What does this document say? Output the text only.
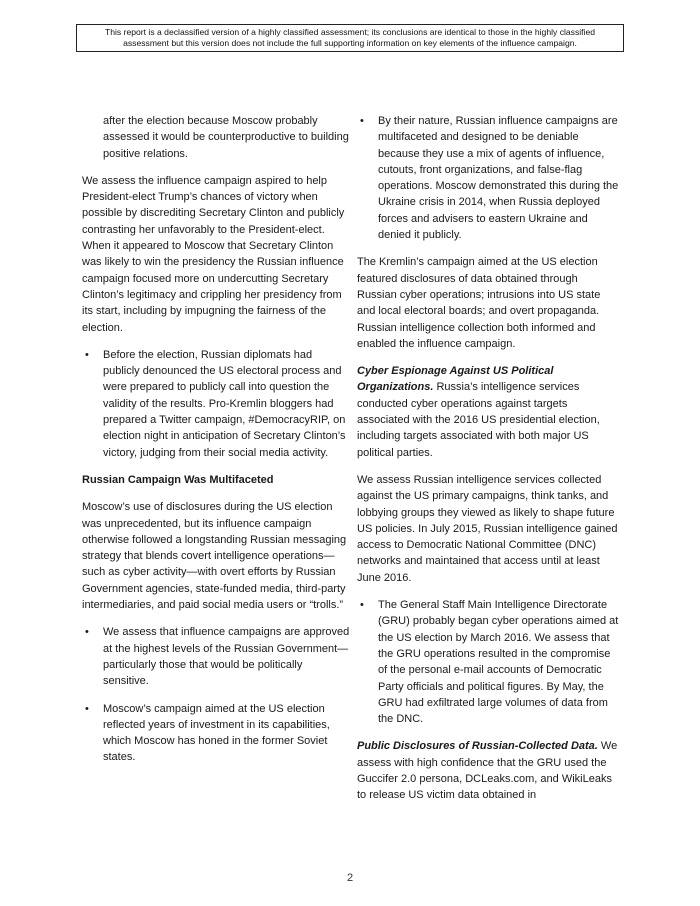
This report is a declassified version of a highly classified assessment; its conclusions are identical to those in the highly classified assessment but this version does not include the full supporting information on key elements of the influence campaign.

after the election because Moscow probably assessed it would be counterproductive to building positive relations.

We assess the influence campaign aspired to help President-elect Trump’s chances of victory when possible by discrediting Secretary Clinton and publicly contrasting her unfavorably to the President-elect. When it appeared to Moscow that Secretary Clinton was likely to win the presidency the Russian influence campaign focused more on undercutting Secretary Clinton’s legitimacy and crippling her presidency from its start, including by impugning the fairness of the election.

• Before the election, Russian diplomats had publicly denounced the US electoral process and were prepared to publicly call into question the validity of the results. Pro-Kremlin bloggers had prepared a Twitter campaign, #DemocracyRIP, on election night in anticipation of Secretary Clinton’s victory, judging from their social media activity.

Russian Campaign Was Multifaceted

Moscow’s use of disclosures during the US election was unprecedented, but its influence campaign otherwise followed a longstanding Russian messaging strategy that blends covert intelligence operations—such as cyber activity—with overt efforts by Russian Government agencies, state-funded media, third-party intermediaries, and paid social media users or “trolls.”

• We assess that influence campaigns are approved at the highest levels of the Russian Government—particularly those that would be politically sensitive.
• Moscow’s campaign aimed at the US election reflected years of investment in its capabilities, which Moscow has honed in the former Soviet states.
• By their nature, Russian influence campaigns are multifaceted and designed to be deniable because they use a mix of agents of influence, cutouts, front organizations, and false-flag operations. Moscow demonstrated this during the Ukraine crisis in 2014, when Russia deployed forces and advisers to eastern Ukraine and denied it publicly.

The Kremlin’s campaign aimed at the US election featured disclosures of data obtained through Russian cyber operations; intrusions into US state and local electoral boards; and overt propaganda. Russian intelligence collection both informed and enabled the influence campaign.

Cyber Espionage Against US Political Organizations. Russia’s intelligence services conducted cyber operations against targets associated with the 2016 US presidential election, including targets associated with both major US political parties.

We assess Russian intelligence services collected against the US primary campaigns, think tanks, and lobbying groups they viewed as likely to shape future US policies. In July 2015, Russian intelligence gained access to Democratic National Committee (DNC) networks and maintained that access until at least June 2016.

• The General Staff Main Intelligence Directorate (GRU) probably began cyber operations aimed at the US election by March 2016. We assess that the GRU operations resulted in the compromise of the personal e-mail accounts of Democratic Party officials and political figures. By May, the GRU had exfiltrated large volumes of data from the DNC.

Public Disclosures of Russian-Collected Data. We assess with high confidence that the GRU used the Guccifer 2.0 persona, DCLeaks.com, and WikiLeaks to release US victim data obtained in

2
